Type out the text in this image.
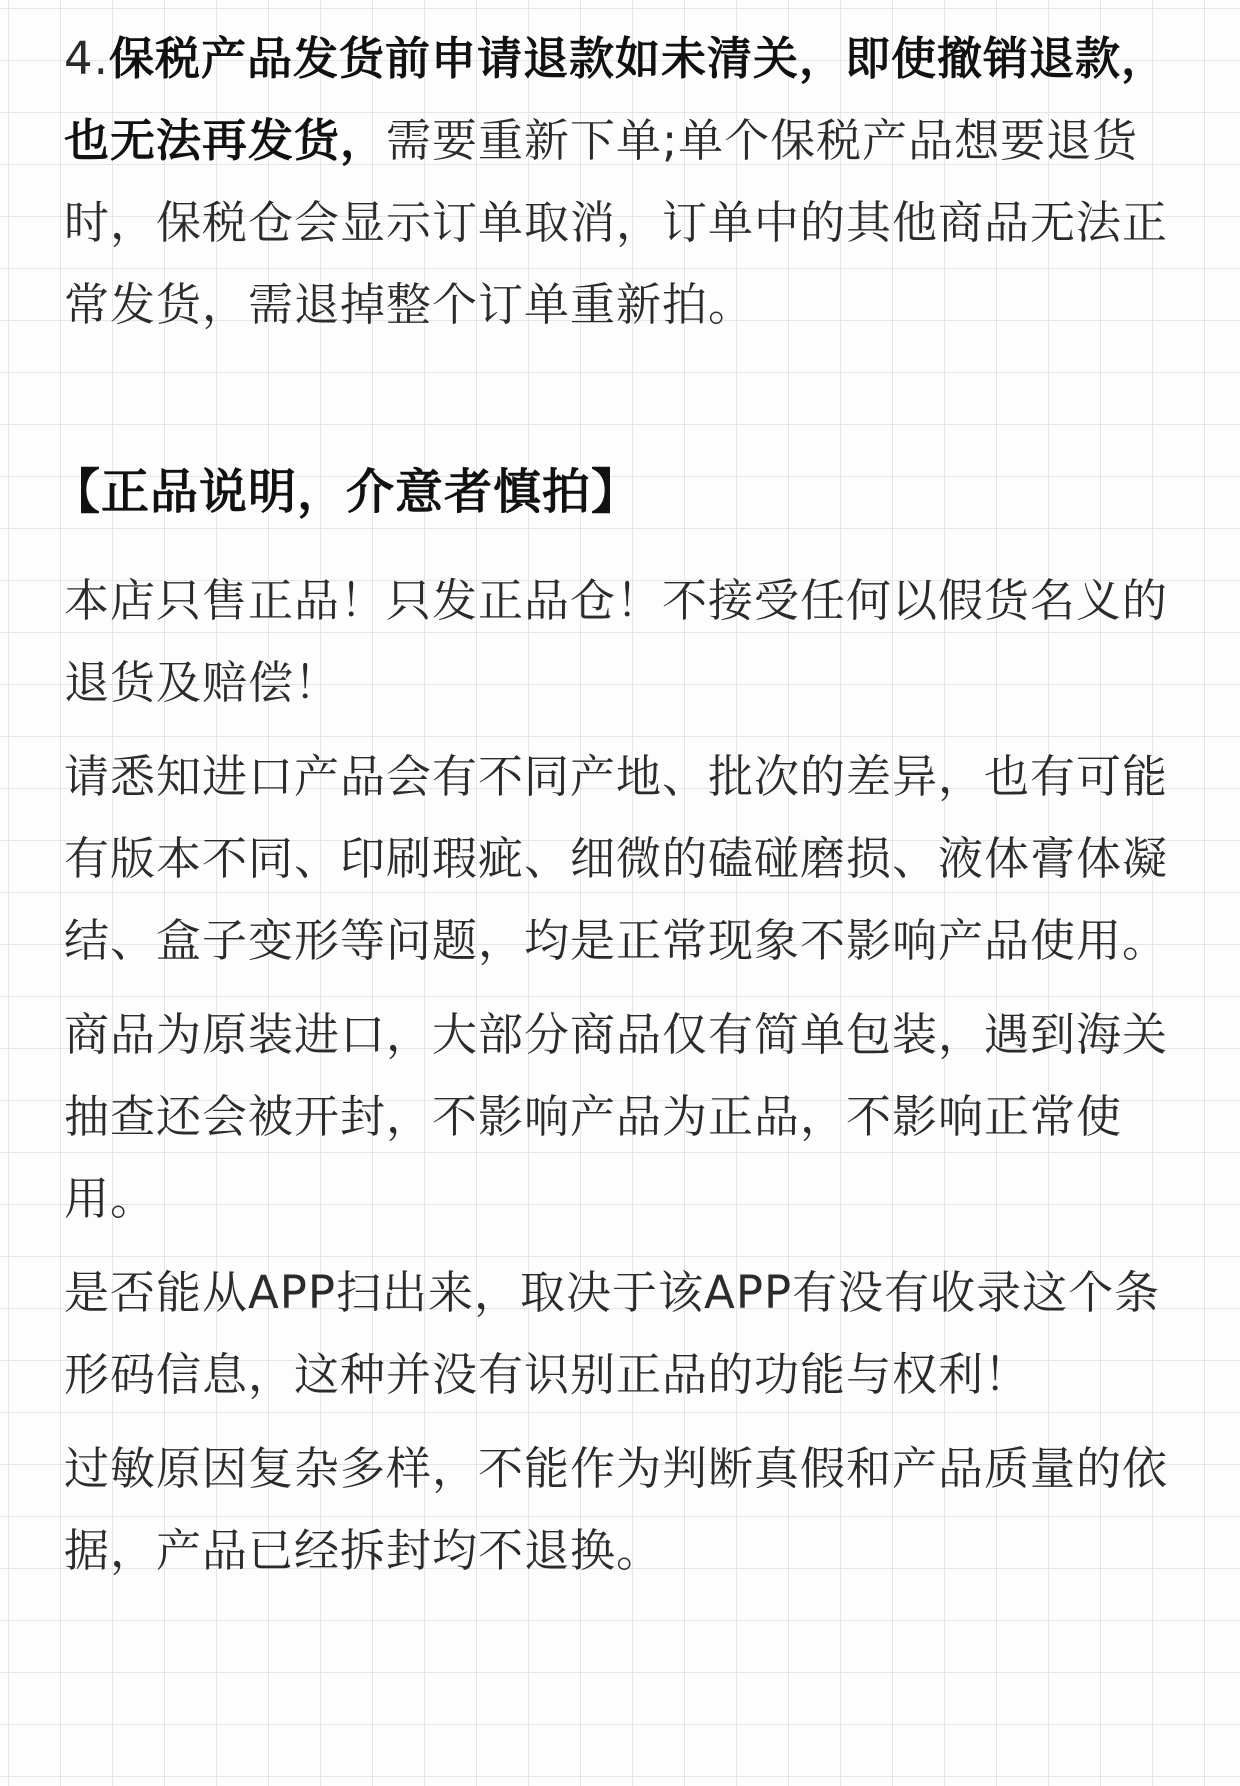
4.保税产品发货前申请退款如未清关，即使撤销退款，也无法再发货，需要重新下单;单个保税产品想要退货时，保税仓会显示订单取消，订单中的其他商品无法正常发货，需退掉整个订单重新拍。

【正品说明，介意者慎拍】

本店只售正品！只发正品仓！不接受任何以假货名义的退货及赔偿！

请悉知进口产品会有不同产地、批次的差异，也有可能有版本不同、印刷瑕疵、细微的磕碰磨损、液体膏体凝结、盒子变形等问题，均是正常现象不影响产品使用。

商品为原装进口，大部分商品仅有简单包装，遇到海关抽查还会被开封，不影响产品为正品，不影响正常使用。

是否能从APP扫出来，取决于该APP有没有收录这个条形码信息，这种并没有识别正品的功能与权利！

过敏原因复杂多样，不能作为判断真假和产品质量的依据，产品已经拆封均不退换。
